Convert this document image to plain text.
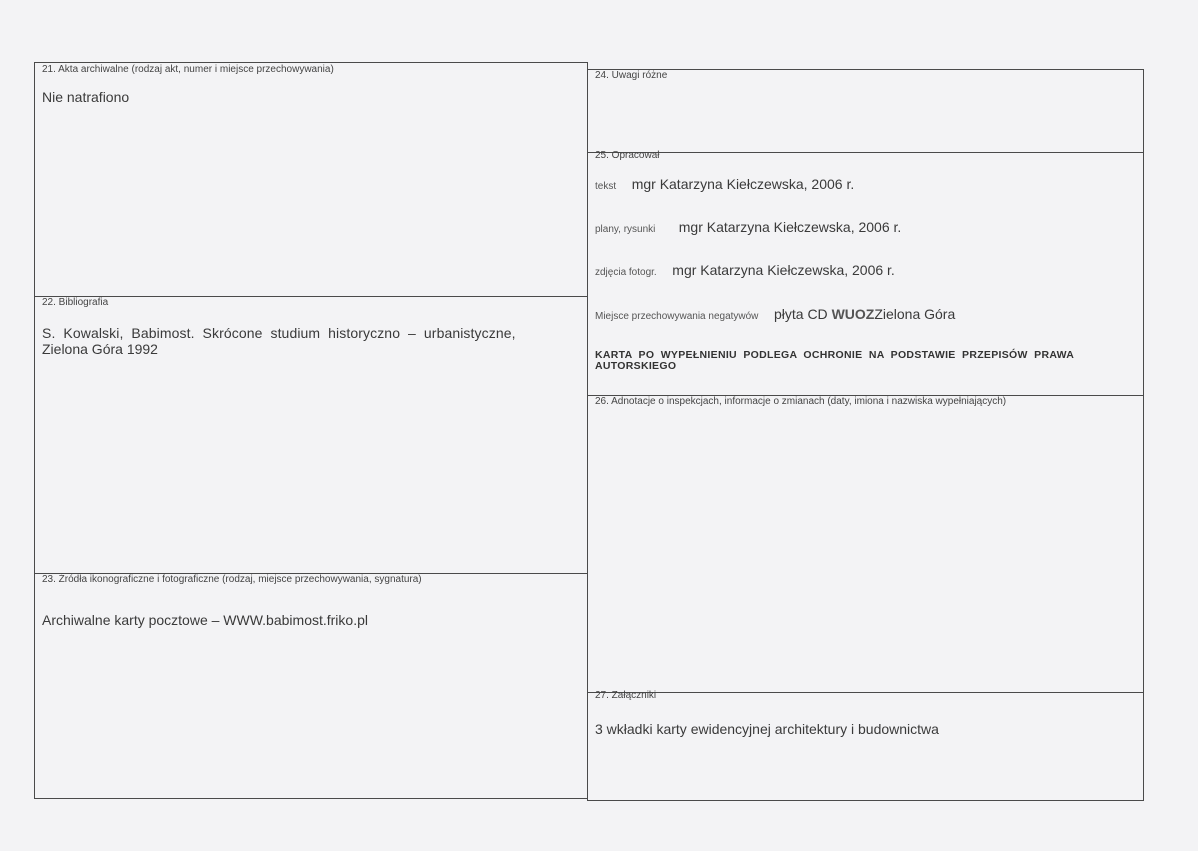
21. Akta archiwalne (rodzaj akt, numer i miejsce przechowywania)
Nie natrafiono
22. Bibliografia
S.  Kowalski,  Babimost.  Skrócone  studium  historyczno  –  urbanistyczne,
Zielona Góra 1992
23. Źródła ikonograficzne i fotograficzne (rodzaj, miejsce przechowywania, sygnatura)
Archiwalne karty pocztowe – WWW.babimost.friko.pl
24. Uwagi różne
25. Opracował
tekst mgr Katarzyna Kiełczewska, 2006 r.
plany, rysunki mgr Katarzyna Kiełczewska, 2006 r.
zdjęcia fotogr. mgr Katarzyna Kiełczewska, 2006 r.
Miejsce przechowywania negatywów płyta CD WUOZZielona Góra
KARTA  PO  WYPEŁNIENIU  PODLEGA  OCHRONIE  NA  PODSTAWIE  PRZEPISÓW  PRAWA
AUTORSKIEGO
26. Adnotacje o inspekcjach, informacje o zmianach (daty, imiona i nazwiska wypełniających)
27. Załączniki
3 wkładki karty ewidencyjnej architektury i budownictwa
